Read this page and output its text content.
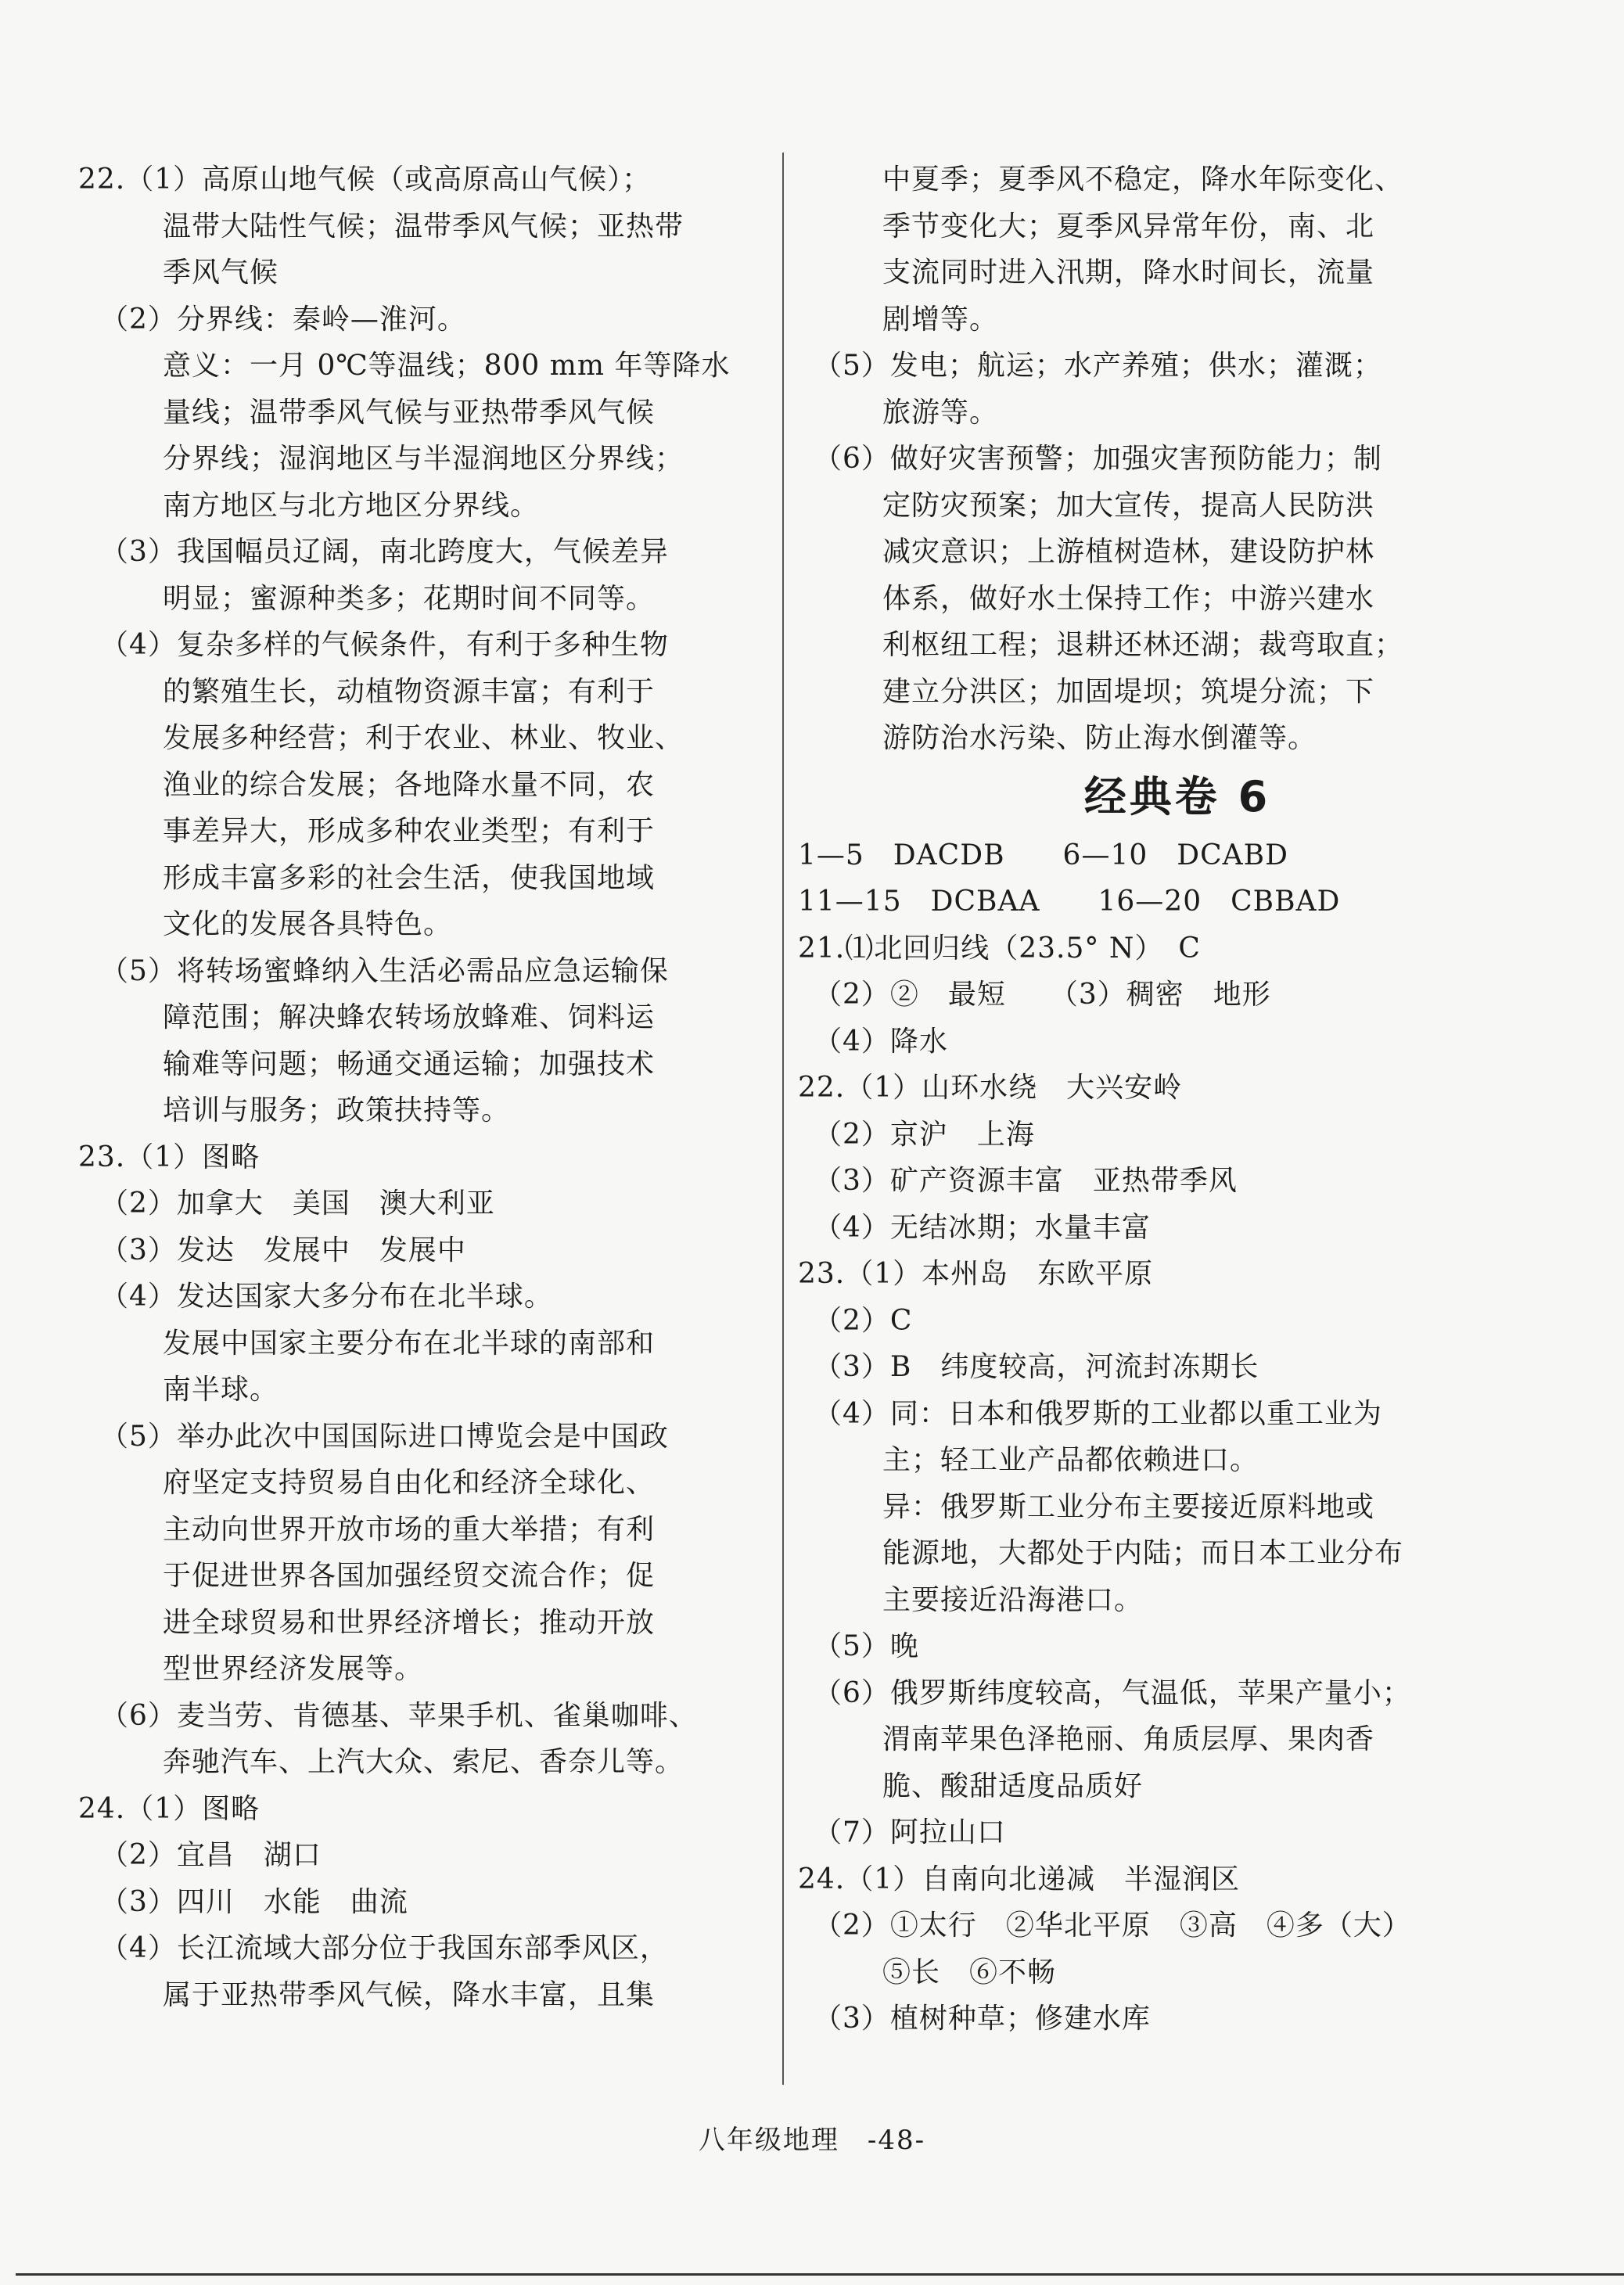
22.（1）高原山地气候（或高原高山气候）；
温带大陆性气候；温带季风气候；亚热带
季风气候
（2）分界线：秦岭—淮河。
意义：一月 0℃等温线；800 mm 年等降水
量线；温带季风气候与亚热带季风气候
分界线；湿润地区与半湿润地区分界线；
南方地区与北方地区分界线。
（3）我国幅员辽阔，南北跨度大，气候差异
明显；蜜源种类多；花期时间不同等。
（4）复杂多样的气候条件，有利于多种生物
的繁殖生长，动植物资源丰富；有利于
发展多种经营；利于农业、林业、牧业、
渔业的综合发展；各地降水量不同，农
事差异大，形成多种农业类型；有利于
形成丰富多彩的社会生活，使我国地域
文化的发展各具特色。
（5）将转场蜜蜂纳入生活必需品应急运输保
障范围；解决蜂农转场放蜂难、饲料运
输难等问题；畅通交通运输；加强技术
培训与服务；政策扶持等。
23.（1）图略
（2）加拿大　美国　澳大利亚
（3）发达　发展中　发展中
（4）发达国家大多分布在北半球。
发展中国家主要分布在北半球的南部和
南半球。
（5）举办此次中国国际进口博览会是中国政
府坚定支持贸易自由化和经济全球化、
主动向世界开放市场的重大举措；有利
于促进世界各国加强经贸交流合作；促
进全球贸易和世界经济增长；推动开放
型世界经济发展等。
（6）麦当劳、肯德基、苹果手机、雀巢咖啡、
奔驰汽车、上汽大众、索尼、香奈儿等。
24.（1）图略
（2）宜昌　湖口
（3）四川　水能　曲流
（4）长江流域大部分位于我国东部季风区，
属于亚热带季风气候，降水丰富，且集
中夏季；夏季风不稳定，降水年际变化、
季节变化大；夏季风异常年份，南、北
支流同时进入汛期，降水时间长，流量
剧增等。
（5）发电；航运；水产养殖；供水；灌溉；
旅游等。
（6）做好灾害预警；加强灾害预防能力；制
定防灾预案；加大宣传，提高人民防洪
减灾意识；上游植树造林，建设防护林
体系，做好水土保持工作；中游兴建水
利枢纽工程；退耕还林还湖；裁弯取直；
建立分洪区；加固堤坝；筑堤分流；下
游防治水污染、防止海水倒灌等。
经典卷 6
1—5　DACDB　　6—10　DCABD
11—15　DCBAA　　16—20　CBBAD
21.⑴北回归线（23.5° N）　C
（2）②　最短　　（3）稠密　地形
（4）降水
22.（1）山环水绕　大兴安岭
（2）京沪　上海
（3）矿产资源丰富　亚热带季风
（4）无结冰期；水量丰富
23.（1）本州岛　东欧平原
（2）C
（3）B　纬度较高，河流封冻期长
（4）同：日本和俄罗斯的工业都以重工业为
主；轻工业产品都依赖进口。
异：俄罗斯工业分布主要接近原料地或
能源地，大都处于内陆；而日本工业分布
主要接近沿海港口。
（5）晚
（6）俄罗斯纬度较高，气温低，苹果产量小；
渭南苹果色泽艳丽、角质层厚、果肉香
脆、酸甜适度品质好
（7）阿拉山口
24.（1）自南向北递减　半湿润区
（2）①太行　②华北平原　③高　④多（大）
⑤长　⑥不畅
（3）植树种草；修建水库
八年级地理　-48-
